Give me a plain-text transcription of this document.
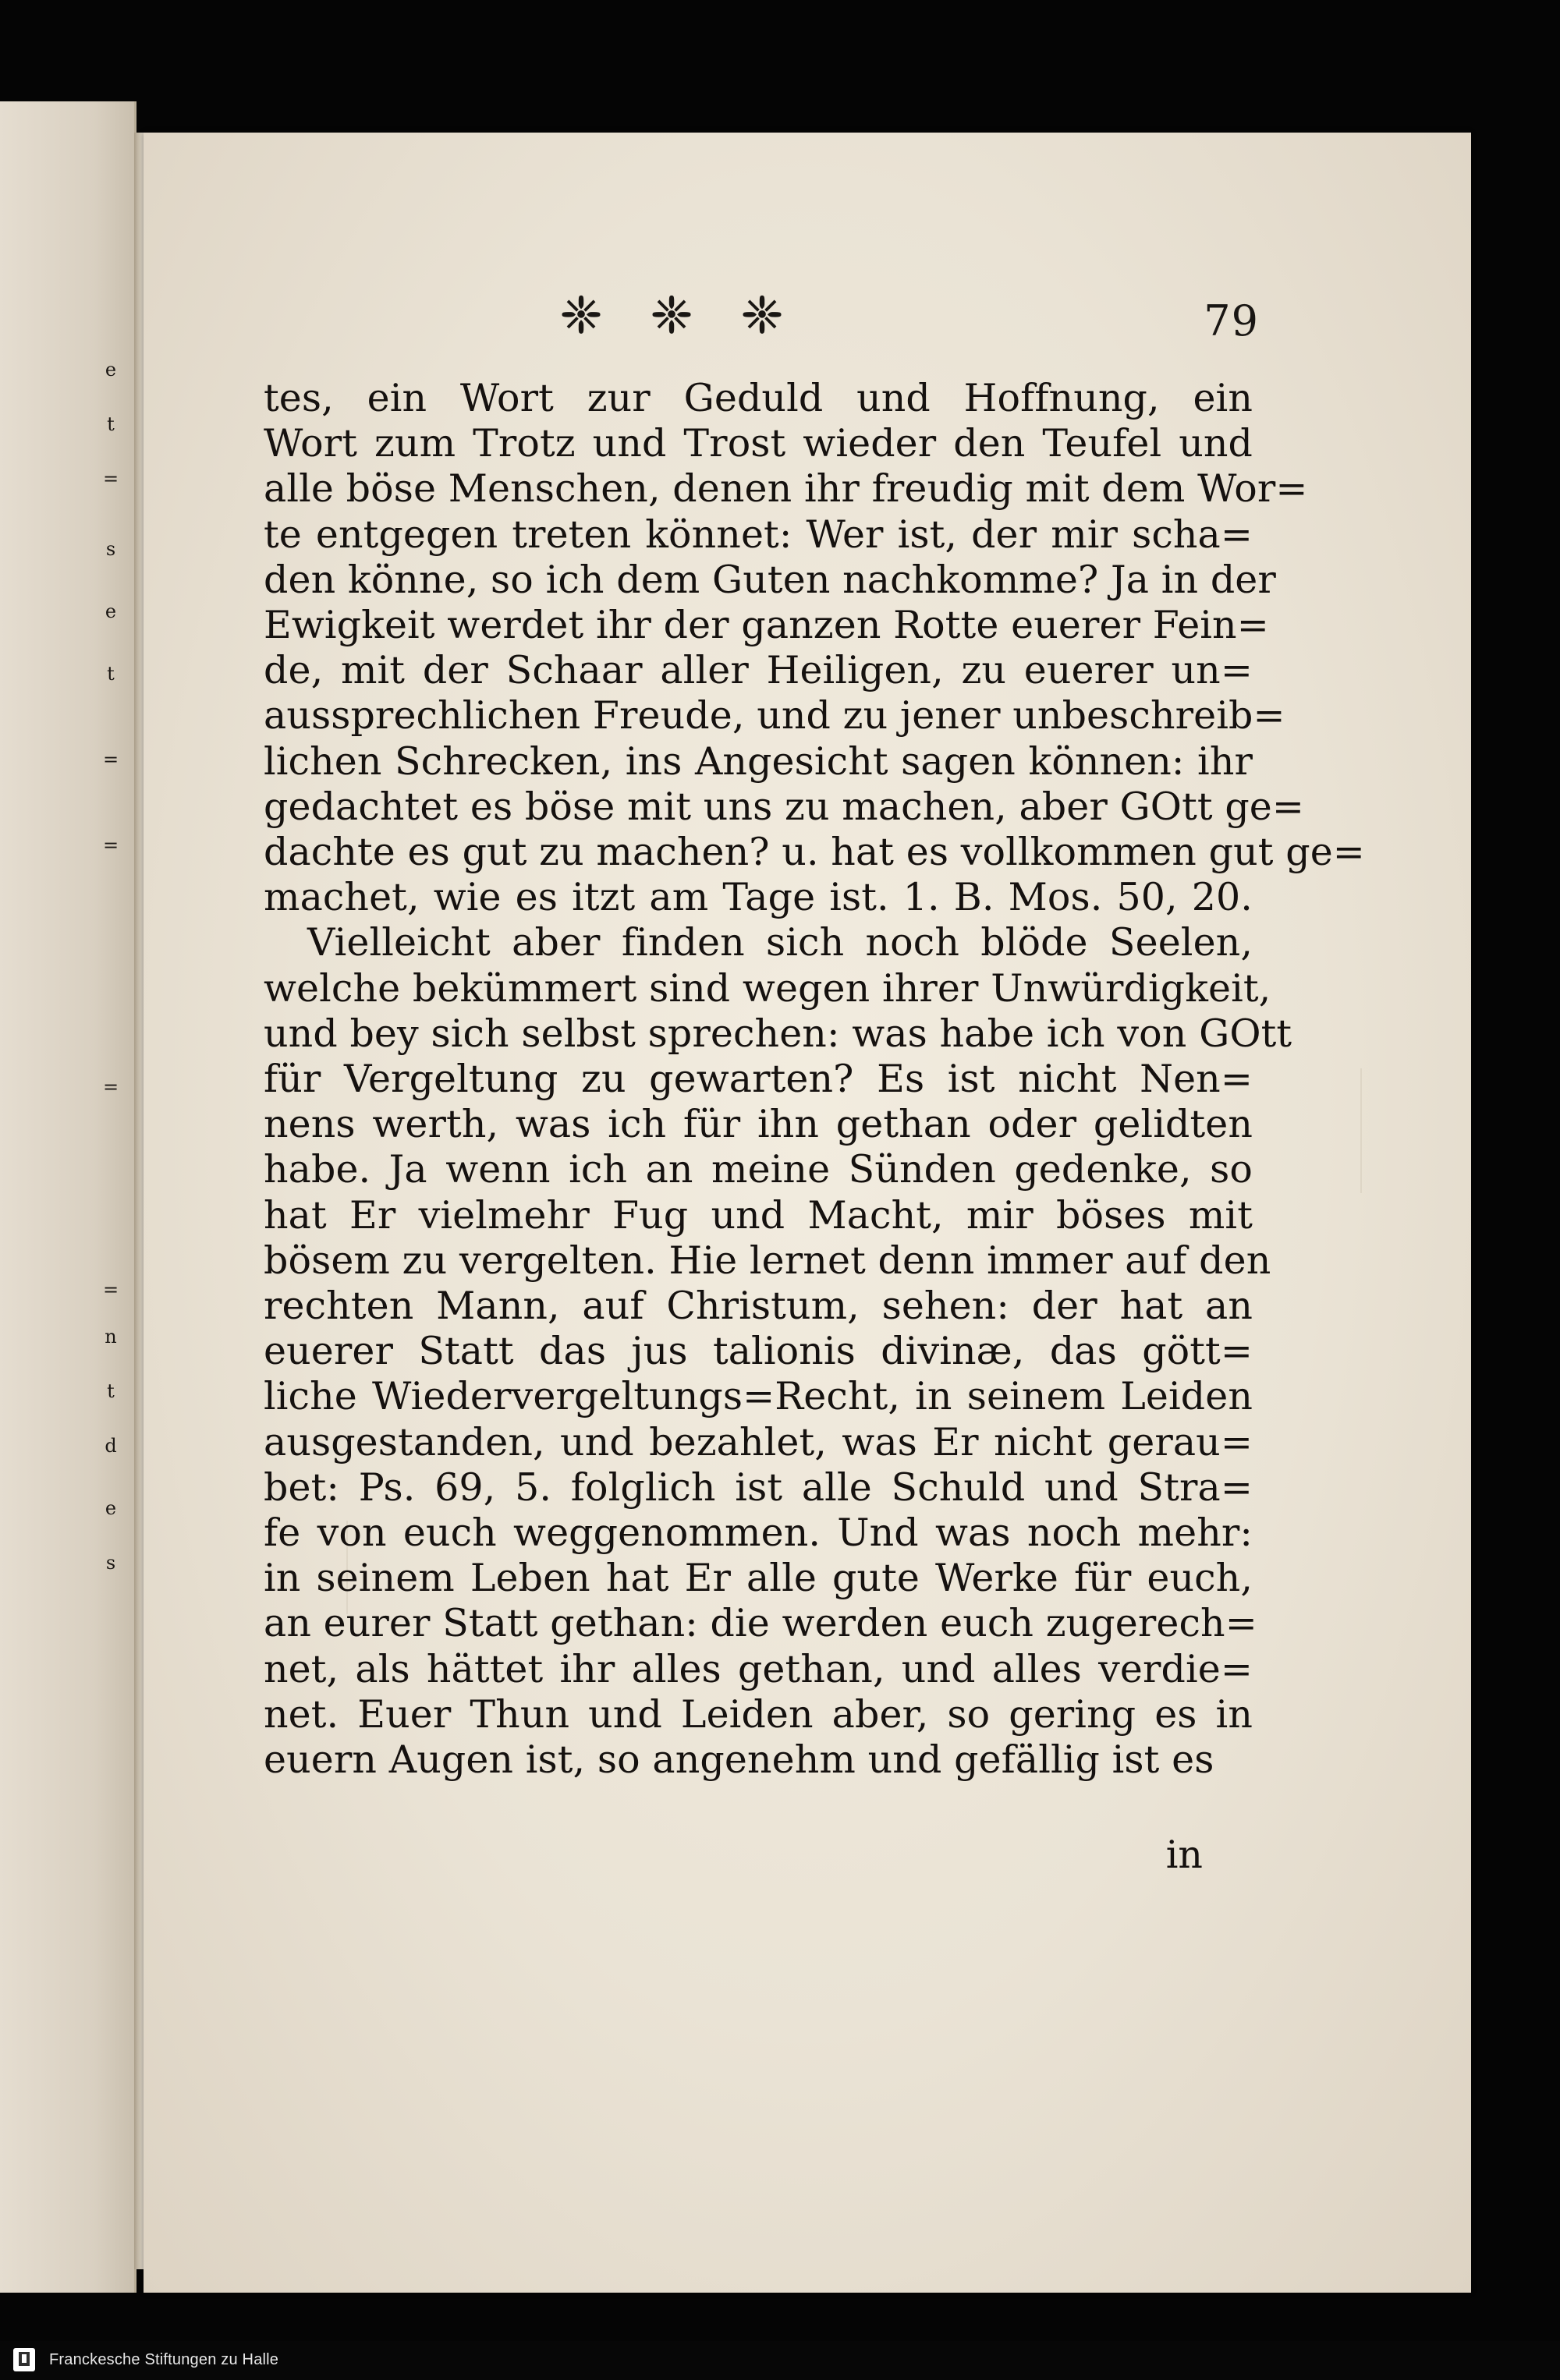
e
t
=
s
e
t
=
=
=
=
n
t
d
e
s
❈ ❈ ❈	79
tes, ein Wort zur Geduld und Hoffnung, ein
Wort zum Trotz und Trost wieder den Teufel und
alle böse Menschen, denen ihr freudig mit dem Wor=
te entgegen treten könnet: Wer ist, der mir scha=
den könne, so ich dem Guten nachkomme? Ja in der
Ewigkeit werdet ihr der ganzen Rotte euerer Fein=
de, mit der Schaar aller Heiligen, zu euerer un=
aussprechlichen Freude, und zu jener unbeschreib=
lichen Schrecken, ins Angesicht sagen können: ihr
gedachtet es böse mit uns zu machen, aber GOtt ge=
dachte es gut zu machen? u. hat es vollkommen gut ge=
machet, wie es itzt am Tage ist. 1. B. Mos. 50, 20.
Vielleicht aber finden sich noch blöde Seelen,
welche bekümmert sind wegen ihrer Unwürdigkeit,
und bey sich selbst sprechen: was habe ich von GOtt
für Vergeltung zu gewarten? Es ist nicht Nen=
nens werth, was ich für ihn gethan oder gelidten
habe. Ja wenn ich an meine Sünden gedenke, so
hat Er vielmehr Fug und Macht, mir böses mit
bösem zu vergelten. Hie lernet denn immer auf den
rechten Mann, auf Christum, sehen: der hat an
euerer Statt das jus talionis divinæ, das gött=
liche Wiedervergeltungs=Recht, in seinem Leiden
ausgestanden, und bezahlet, was Er nicht gerau=
bet: Ps. 69, 5. folglich ist alle Schuld und Stra=
fe von euch weggenommen. Und was noch mehr:
in seinem Leben hat Er alle gute Werke für euch,
an eurer Statt gethan: die werden euch zugerech=
net, als hättet ihr alles gethan, und alles verdie=
net. Euer Thun und Leiden aber, so gering es in
euern Augen ist, so angenehm und gefällig ist es
in
Franckesche Stiftungen zu Halle
